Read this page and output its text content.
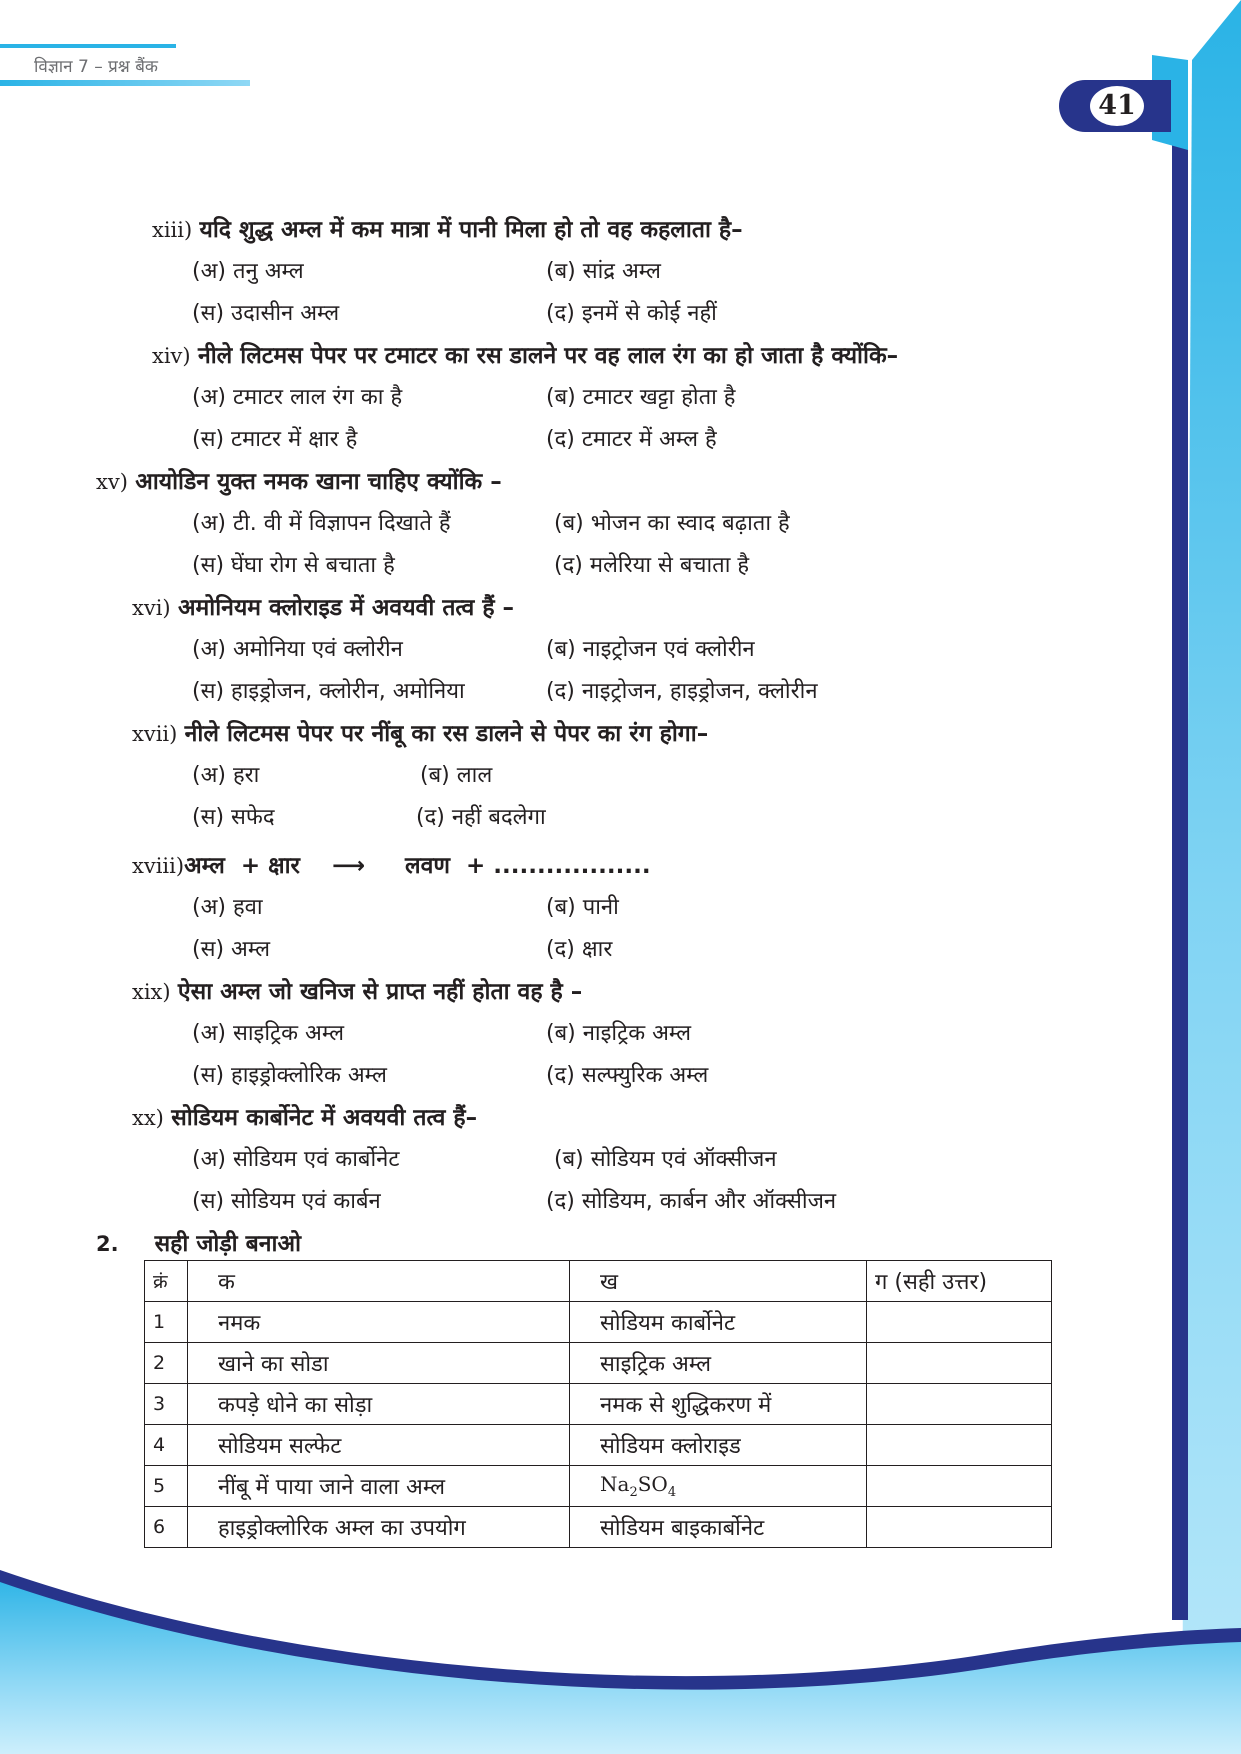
विज्ञान 7 – प्रश्न बैंक
41
xiii) यदि शुद्ध अम्ल में कम मात्रा में पानी मिला हो तो वह कहलाता है–
(अ) तनु अम्ल	(ब) सांद्र अम्ल
(स) उदासीन अम्ल	(द) इनमें से कोई नहीं
xiv) नीले लिटमस पेपर पर टमाटर का रस डालने पर वह लाल रंग का हो जाता है क्योंकि–
(अ) टमाटर लाल रंग का है	(ब) टमाटर खट्टा होता है
(स) टमाटर में क्षार है	(द) टमाटर में अम्ल है
xv) आयोडिन युक्त नमक खाना चाहिए क्योंकि –
(अ) टी. वी में विज्ञापन दिखाते हैं	(ब) भोजन का स्वाद बढ़ाता है
(स) घेंघा रोग से बचाता है	(द) मलेरिया से बचाता है
xvi) अमोनियम क्लोराइड में अवयवी तत्व हैं –
(अ) अमोनिया एवं क्लोरीन	(ब) नाइट्रोजन एवं क्लोरीन
(स) हाइड्रोजन, क्लोरीन, अमोनिया	(द) नाइट्रोजन, हाइड्रोजन, क्लोरीन
xvii) नीले लिटमस पेपर पर नींबू का रस डालने से पेपर का रंग होगा–
(अ) हरा	(ब) लाल
(स) सफेद	(द) नहीं बदलेगा
xviii)अम्ल  + क्षार    ⟶     लवण  + ..................
(अ) हवा	(ब) पानी
(स) अम्ल	(द) क्षार
xix) ऐसा अम्ल जो खनिज से प्राप्त नहीं होता वह है –
(अ) साइट्रिक अम्ल	(ब) नाइट्रिक अम्ल
(स) हाइड्रोक्लोरिक अम्ल	(द) सल्फ्युरिक अम्ल
xx) सोडियम कार्बोनेट में अवयवी तत्व हैं–
(अ) सोडियम एवं कार्बोनेट	(ब) सोडियम एवं ऑक्सीजन
(स) सोडियम एवं कार्बन	(द) सोडियम, कार्बन और ऑक्सीजन
2. सही जोड़ी बनाओ
क्रं	क	ख	ग (सही उत्तर)
1	नमक	सोडियम कार्बोनेट	
2	खाने का सोडा	साइट्रिक अम्ल	
3	कपड़े धोने का सोड़ा	नमक से शुद्धिकरण में	
4	सोडियम सल्फेट	सोडियम क्लोराइड	
5	नींबू में पाया जाने वाला अम्ल	$Na_2SO_4$	
6	हाइड्रोक्लोरिक अम्ल का उपयोग	सोडियम बाइकार्बोनेट	
